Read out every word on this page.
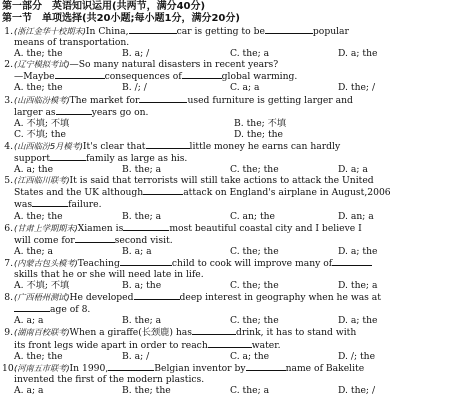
第一部分　英语知识运用(共两节，满分40分)
第一节　单项选择(共20小题;每小题1分，满分20分)
1.(浙江金华十校期末)In China,	car is getting to be	popular
means of transportation.
A. the; the	B. a; /	C. the; a	D. a; the
2.(辽宁模拟考试)—So many natural disasters in recent years?
—Maybe	consequences of	global warming.
A. the; the	B. /; /	C. a; a	D. the; /
3.(山西临汾模考)The market for	used furniture is getting larger and
larger as	years go on.
A. 不填; 不填	B. the; 不填
C. 不填; the	D. the; the
4.(山西临汾5月模考)It's clear that	little money he earns can hardly
support	family as large as his.
A. a; the	B. the; a	C. the; the	D. a; a
5.(江西临川联考)It is said that terrorists will still take actions to attack the United
States and the UK although	attack on England's airplane in August,2006
was	failure.
A. the; the	B. the; a	C. an; the	D. an; a
6.(甘肃上学期期末)Xiamen is	most beautiful coastal city and I believe I
will come for	second visit.
A. the; a	B. a; a	C. the; the	D. a; the
7.(内蒙古包头模考)Teaching	child to cook will improve many of
skills that he or she will need late in life.
A. 不填; 不填	B. a; the	C. the; the	D. the; a
8.(广西梧州测试)He developed	deep interest in geography when he was at
age of 8.
A. a; a	B. the; a	C. the; the	D. a; the
9.(湖南百校联考)When a giraffe(长颈鹿) has	drink, it has to stand with
its front legs wide apart in order to reach	water.
A. the; the	B. a; /	C. a; the	D. /; the
10.(河南五市联考)In 1990,	Belgian inventor by	name of Bakelite
invented the first of the modern plastics.
A. a; a	B. the; the	C. the; a	D. the; /
